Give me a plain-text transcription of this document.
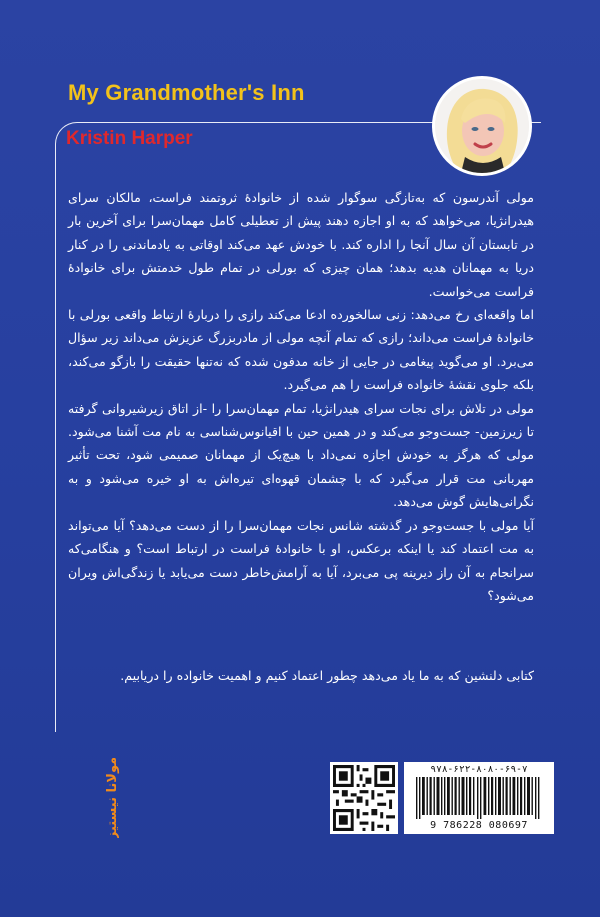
My Grandmother's Inn
Kristin Harper

مولی آندرسون که به‌تازگی سوگوار شده از خانوادهٔ ثروتمند فراست، مالکان سرای هیدرانژیا، می‌خواهد که به او اجازه دهند پیش از تعطیلی کامل مهمان‌سرا برای آخرین بار در تابستان آن سال آنجا را اداره کند. با خودش عهد می‌کند اوقاتی به یادماندنی را در کنار دریا به مهمانان هدیه بدهد؛ همان چیزی که بورلی در تمام طول خدمتش برای خانوادهٔ فراست می‌خواست.

اما واقعه‌ای رخ می‌دهد: زنی سالخورده ادعا می‌کند رازی را دربارهٔ ارتباط واقعی بورلی با خانوادهٔ فراست می‌داند؛ رازی که تمام آنچه مولی از مادربزرگ عزیزش می‌داند زیر سؤال می‌برد. او می‌گوید پیغامی در جایی از خانه مدفون شده که نه‌تنها حقیقت را بازگو می‌کند، بلکه جلوی نقشهٔ خانواده فراست را هم می‌گیرد.

مولی در تلاش برای نجات سرای هیدرانژیا، تمام مهمان‌سرا را -از اتاق زیرشیروانی گرفته تا زیرزمین- جست‌وجو می‌کند و در همین حین با اقیانوس‌شناسی به نام مت آشنا می‌شود. مولی که هرگز به خودش اجازه نمی‌داد با هیچ‌یک از مهمانان صمیمی شود، تحت تأثیر مهربانی مت قرار می‌گیرد که با چشمان قهوه‌ای تیره‌اش به او خیره می‌شود و به نگرانی‌هایش گوش می‌دهد.

آیا مولی با جست‌وجو در گذشته شانس نجات مهمان‌سرا را از دست می‌دهد؟ آیا می‌تواند به مت اعتماد کند یا اینکه برعکس، او با خانوادهٔ فراست در ارتباط است؟ و هنگامی‌که سرانجام به آن راز دیرینه پی می‌برد، آیا به آرامش‌خاطر دست می‌یابد یا زندگی‌اش ویران می‌شود؟

کتابی دلنشین که به ما یاد می‌دهد چطور اعتماد کنیم و اهمیت خانواده را دریابیم.
مولانا نیستیز	۹۷۸-۶۲۲-۸۰۸۰-۶۹-۷
9 786228 080697
